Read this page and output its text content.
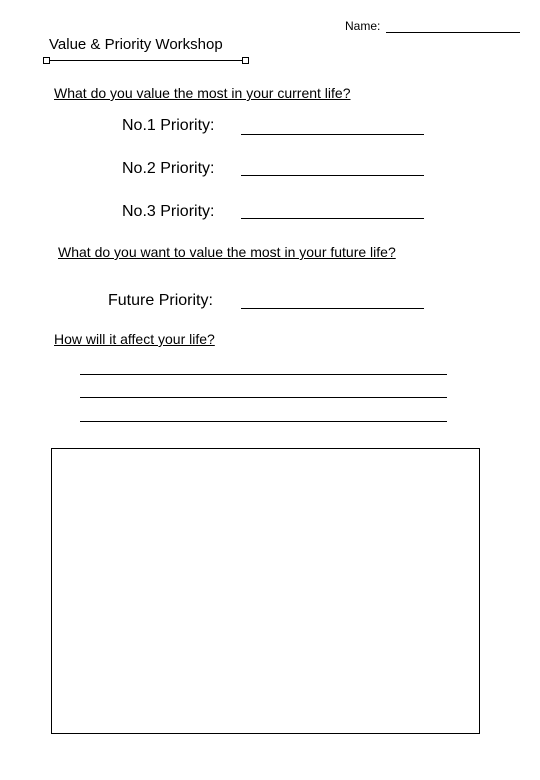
Name:
Value & Priority Workshop
What do you value the most in your current life?
No.1 Priority:
No.2 Priority:
No.3 Priority:
What do you want to value the most in your future life?
Future Priority:
How will it affect your life?
